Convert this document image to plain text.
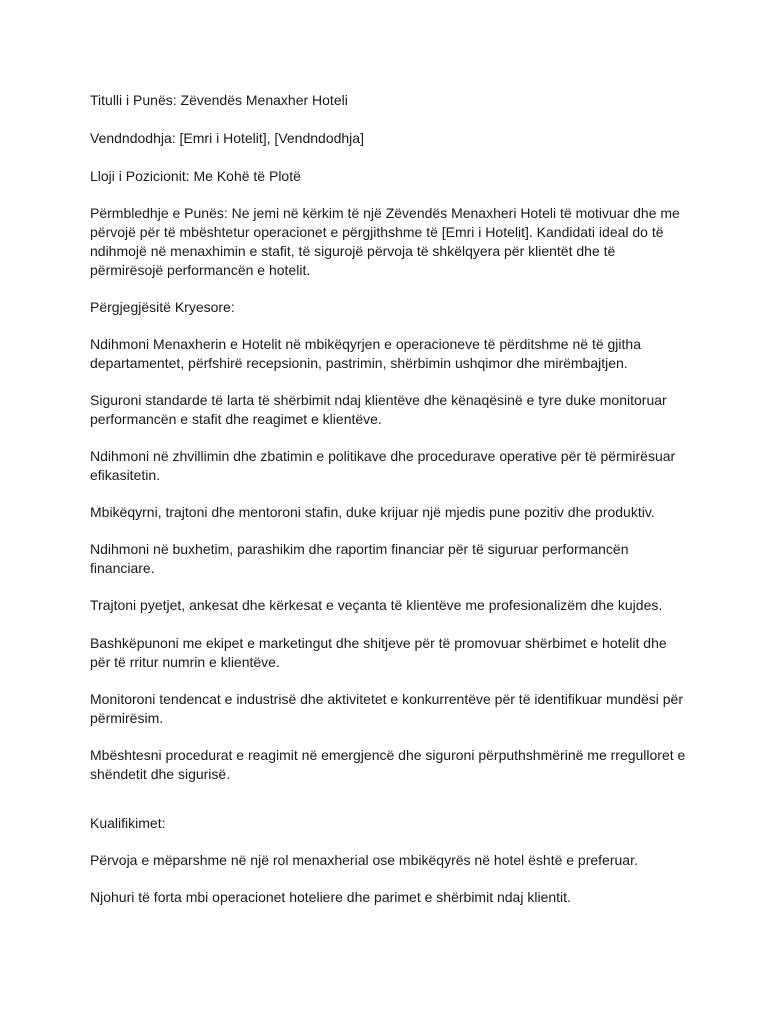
Titulli i Punës: Zëvendës Menaxher Hoteli

Vendndodhja: [Emri i Hotelit], [Vendndodhja]

Lloji i Pozicionit: Me Kohë të Plotë

Përmbledhje e Punës: Ne jemi në kërkim të një Zëvendës Menaxheri Hoteli të motivuar dhe me
përvojë për të mbështetur operacionet e përgjithshme të [Emri i Hotelit]. Kandidati ideal do të
ndihmojë në menaxhimin e stafit, të sigurojë përvoja të shkëlqyera për klientët dhe të
përmirësojë performancën e hotelit.

Përgjegjësitë Kryesore:

Ndihmoni Menaxherin e Hotelit në mbikëqyrjen e operacioneve të përditshme në të gjitha
departamentet, përfshirë recepsionin, pastrimin, shërbimin ushqimor dhe mirëmbajtjen.

Siguroni standarde të larta të shërbimit ndaj klientëve dhe kënaqësinë e tyre duke monitoruar
performancën e stafit dhe reagimet e klientëve.

Ndihmoni në zhvillimin dhe zbatimin e politikave dhe procedurave operative për të përmirësuar
efikasitetin.

Mbikëqyrni, trajtoni dhe mentoroni stafin, duke krijuar një mjedis pune pozitiv dhe produktiv.

Ndihmoni në buxhetim, parashikim dhe raportim financiar për të siguruar performancën
financiare.

Trajtoni pyetjet, ankesat dhe kërkesat e veçanta të klientëve me profesionalizëm dhe kujdes.

Bashkëpunoni me ekipet e marketingut dhe shitjeve për të promovuar shërbimet e hotelit dhe
për të rritur numrin e klientëve.

Monitoroni tendencat e industrisë dhe aktivitetet e konkurrentëve për të identifikuar mundësi për
përmirësim.

Mbështesni procedurat e reagimit në emergjencë dhe siguroni përputhshmërinë me rregulloret e
shëndetit dhe sigurisë.

Kualifikimet:

Përvoja e mëparshme në një rol menaxherial ose mbikëqyrës në hotel është e preferuar.

Njohuri të forta mbi operacionet hoteliere dhe parimet e shërbimit ndaj klientit.
